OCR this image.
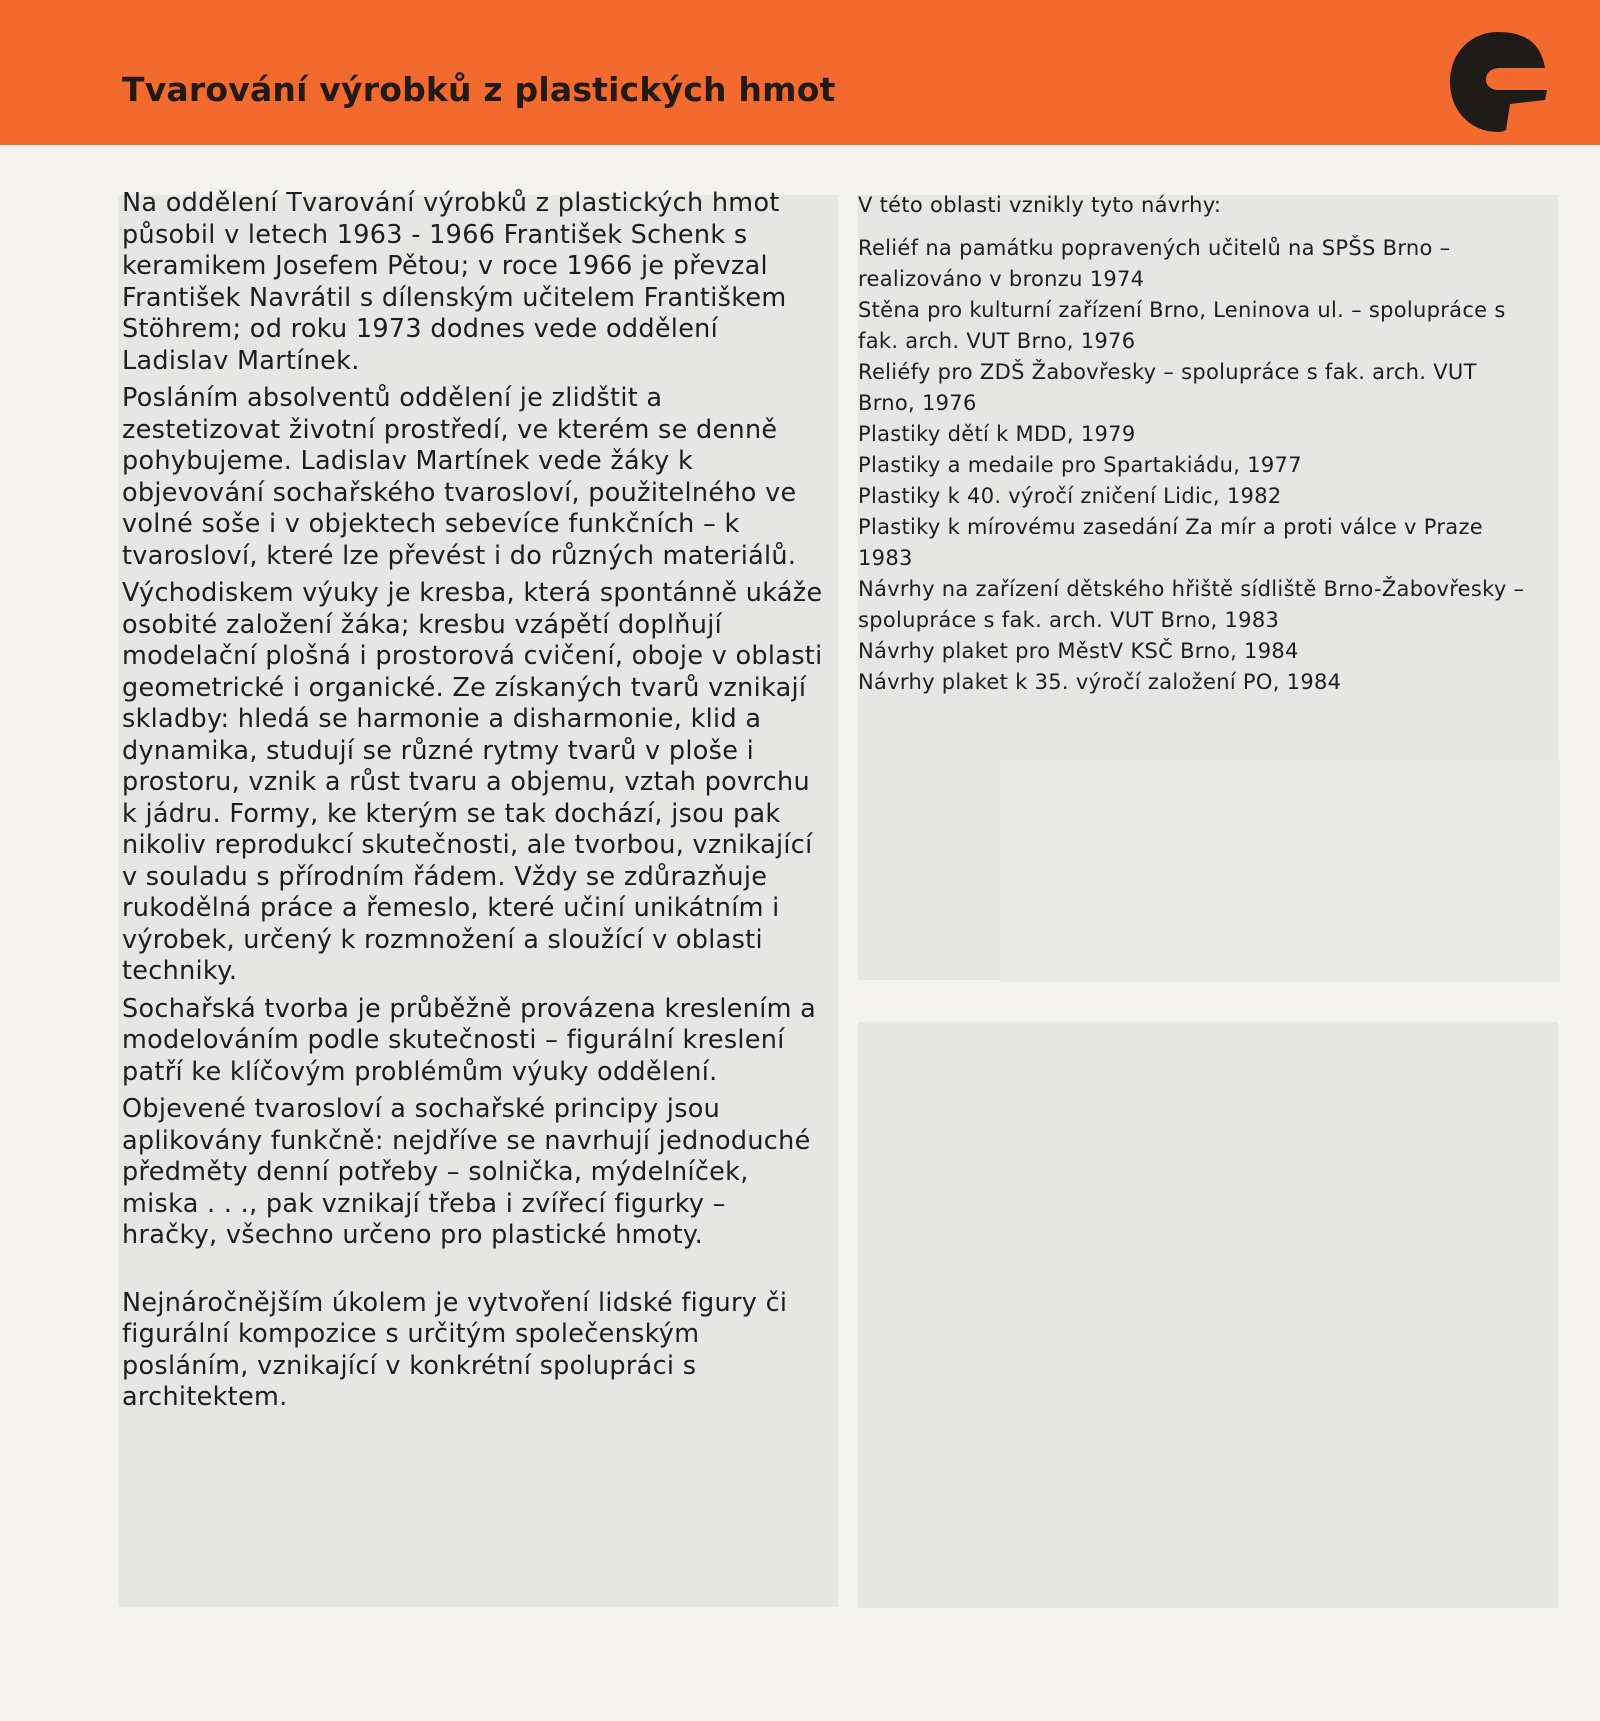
Tvarování výrobků z plastických hmot

Na oddělení Tvarování výrobků z plastických hmot působil v letech 1963 - 1966 František Schenk s keramikem Josefem Pětou; v roce 1966 je převzal František Navrátil s dílenským učitelem Františkem Stöhrem; od roku 1973 dodnes vede oddělení Ladislav Martínek.

Posláním absolventů oddělení je zlidštit a zestetizovat životní prostředí, ve kterém se denně pohybujeme. Ladislav Martínek vede žáky k objevování sochařského tvarosloví, použitelného ve volné soše i v objektech sebevíce funkčních – k tvarosloví, které lze převést i do různých materiálů.

Východiskem výuky je kresba, která spontánně ukáže osobité založení žáka; kresbu vzápětí doplňují modelační plošná i prostorová cvičení, oboje v oblasti geometrické i organické. Ze získaných tvarů vznikají skladby: hledá se harmonie a disharmonie, klid a dynamika, studují se různé rytmy tvarů v ploše i prostoru, vznik a růst tvaru a objemu, vztah povrchu k jádru. Formy, ke kterým se tak dochází, jsou pak nikoliv reprodukcí skutečnosti, ale tvorbou, vznikající v souladu s přírodním řádem. Vždy se zdůrazňuje rukodělná práce a řemeslo, které učiní unikátním i výrobek, určený k rozmnožení a sloužící v oblasti techniky.

Sochařská tvorba je průběžně provázena kreslením a modelováním podle skutečnosti – figurální kreslení patří ke klíčovým problémům výuky oddělení.

Objevené tvarosloví a sochařské principy jsou aplikovány funkčně: nejdříve se navrhují jednoduché předměty denní potřeby – solnička, mýdelníček, miska . . ., pak vznikají třeba i zvířecí figurky – hračky, všechno určeno pro plastické hmoty.

Nejnáročnějším úkolem je vytvoření lidské figury či figurální kompozice s určitým společenským posláním, vznikající v konkrétní spolupráci s architektem.

V této oblasti vznikly tyto návrhy:

Reliéf na památku popravených učitelů na SPŠS Brno – realizováno v bronzu 1974
Stěna pro kulturní zařízení Brno, Leninova ul. – spolupráce s fak. arch. VUT Brno, 1976
Reliéfy pro ZDŠ Žabovřesky – spolupráce s fak. arch. VUT Brno, 1976
Plastiky dětí k MDD, 1979
Plastiky a medaile pro Spartakiádu, 1977
Plastiky k 40. výročí zničení Lidic, 1982
Plastiky k mírovému zasedání Za mír a proti válce v Praze 1983
Návrhy na zařízení dětského hřiště sídliště Brno-Žabovřesky – spolupráce s fak. arch. VUT Brno, 1983
Návrhy plaket pro MěstV KSČ Brno, 1984
Návrhy plaket k 35. výročí založení PO, 1984
